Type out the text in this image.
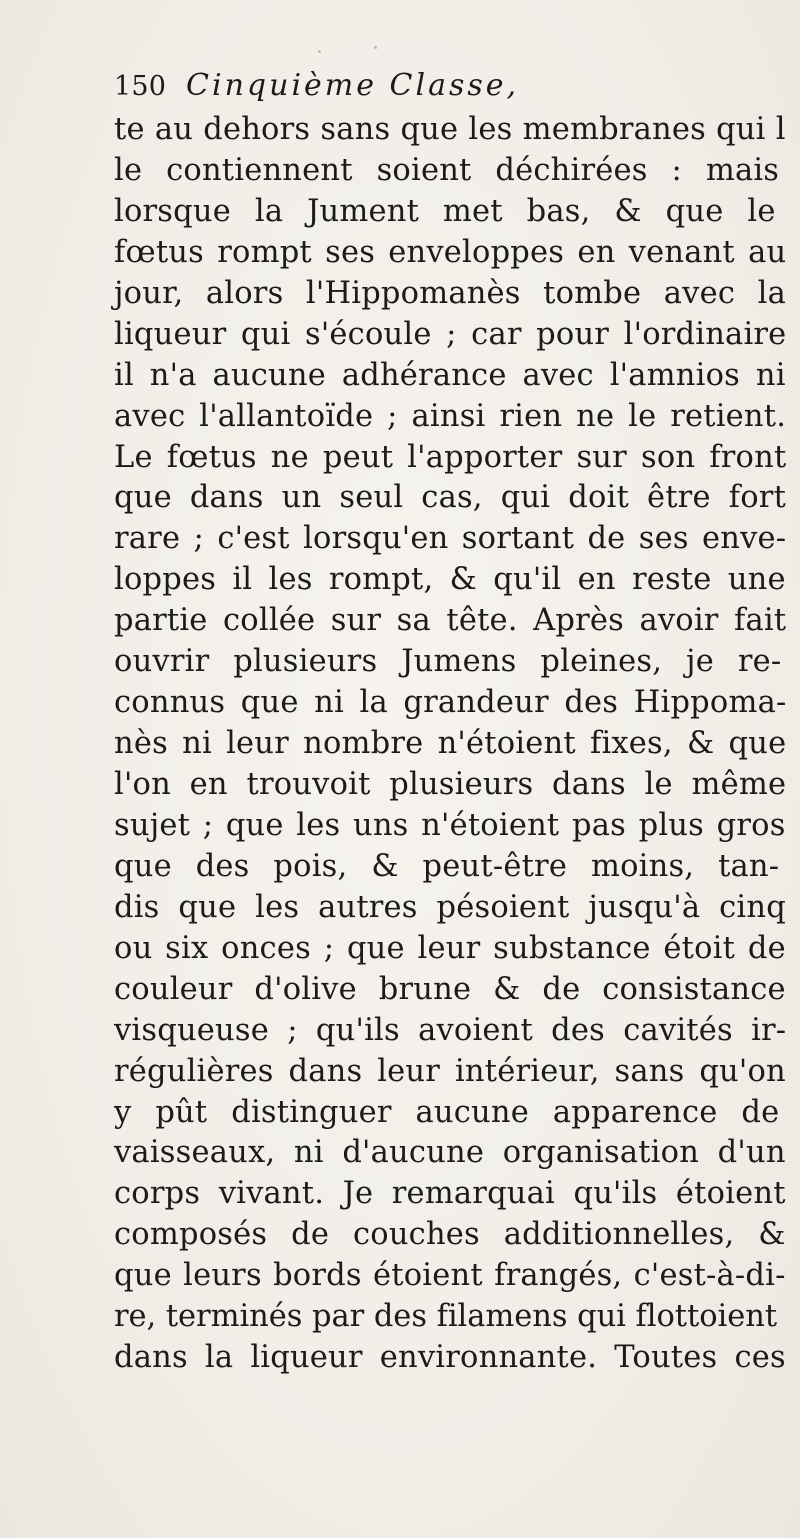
150 Cinquième Classe,
te au dehors sans que les membranes qui l
le contiennent soient déchirées : mais
lorsque la Jument met bas, & que le
fœtus rompt ses enveloppes en venant au
jour, alors l'Hippomanès tombe avec la
liqueur qui s'écoule ; car pour l'ordinaire
il n'a aucune adhérance avec l'amnios ni
avec l'allantoïde ; ainsi rien ne le retient.
Le fœtus ne peut l'apporter sur son front
que dans un seul cas, qui doit être fort
rare ; c'est lorsqu'en sortant de ses enve-
loppes il les rompt, & qu'il en reste une
partie collée sur sa tête. Après avoir fait
ouvrir plusieurs Jumens pleines, je re-
connus que ni la grandeur des Hippoma-
nès ni leur nombre n'étoient fixes, & que
l'on en trouvoit plusieurs dans le même
sujet ; que les uns n'étoient pas plus gros
que des pois, & peut-être moins, tan-
dis que les autres pésoient jusqu'à cinq
ou six onces ; que leur substance étoit de
couleur d'olive brune & de consistance
visqueuse ; qu'ils avoient des cavités ir-
régulières dans leur intérieur, sans qu'on
y pût distinguer aucune apparence de
vaisseaux, ni d'aucune organisation d'un
corps vivant. Je remarquai qu'ils étoient
composés de couches additionnelles, &
que leurs bords étoient frangés, c'est-à-di-
re, terminés par des filamens qui flottoient
dans la liqueur environnante. Toutes ces
